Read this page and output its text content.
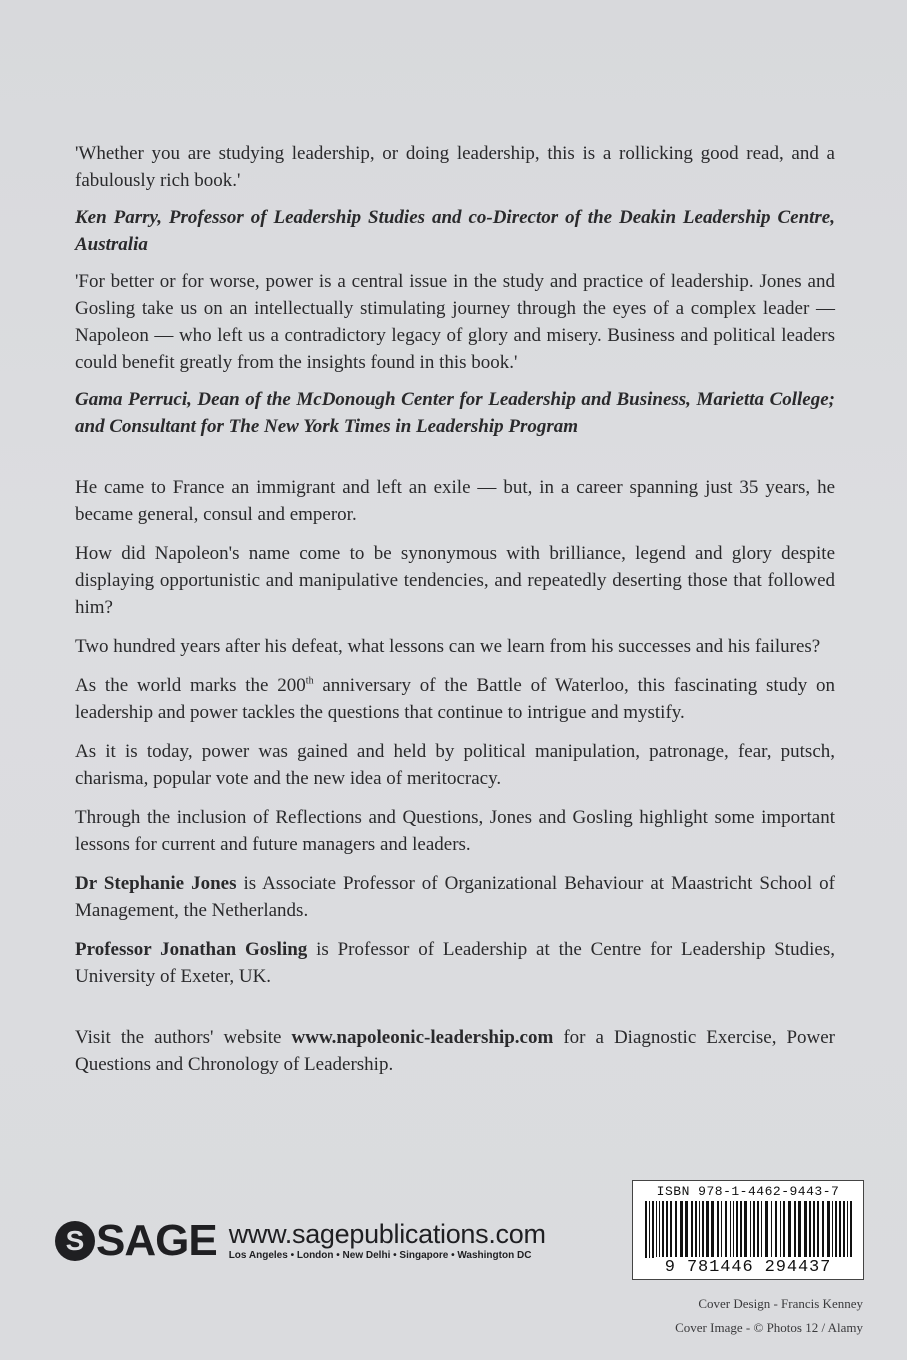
'Whether you are studying leadership, or doing leadership, this is a rollicking good read, and a fabulously rich book.'

Ken Parry, Professor of Leadership Studies and co-Director of the Deakin Leadership Centre, Australia

'For better or for worse, power is a central issue in the study and practice of leadership. Jones and Gosling take us on an intellectually stimulating journey through the eyes of a complex leader — Napoleon — who left us a contradictory legacy of glory and misery. Business and political leaders could benefit greatly from the insights found in this book.'

Gama Perruci, Dean of the McDonough Center for Leadership and Business, Marietta College; and Consultant for The New York Times in Leadership Program

He came to France an immigrant and left an exile — but, in a career spanning just 35 years, he became general, consul and emperor.

How did Napoleon's name come to be synonymous with brilliance, legend and glory despite displaying opportunistic and manipulative tendencies, and repeatedly deserting those that followed him?

Two hundred years after his defeat, what lessons can we learn from his successes and his failures?

As the world marks the 200th anniversary of the Battle of Waterloo, this fascinating study on leadership and power tackles the questions that continue to intrigue and mystify.

As it is today, power was gained and held by political manipulation, patronage, fear, putsch, charisma, popular vote and the new idea of meritocracy.

Through the inclusion of Reflections and Questions, Jones and Gosling highlight some important lessons for current and future managers and leaders.

Dr Stephanie Jones is Associate Professor of Organizational Behaviour at Maastricht School of Management, the Netherlands.

Professor Jonathan Gosling is Professor of Leadership at the Centre for Leadership Studies, University of Exeter, UK.

Visit the authors' website www.napoleonic-leadership.com for a Diagnostic Exercise, Power Questions and Chronology of Leadership.

S SAGE www.sagepublications.com
Los Angeles • London • New Delhi • Singapore • Washington DC
ISBN 978-1-4462-9443-7
9 781446 294437
Cover Design - Francis Kenney
Cover Image - © Photos 12 / Alamy
